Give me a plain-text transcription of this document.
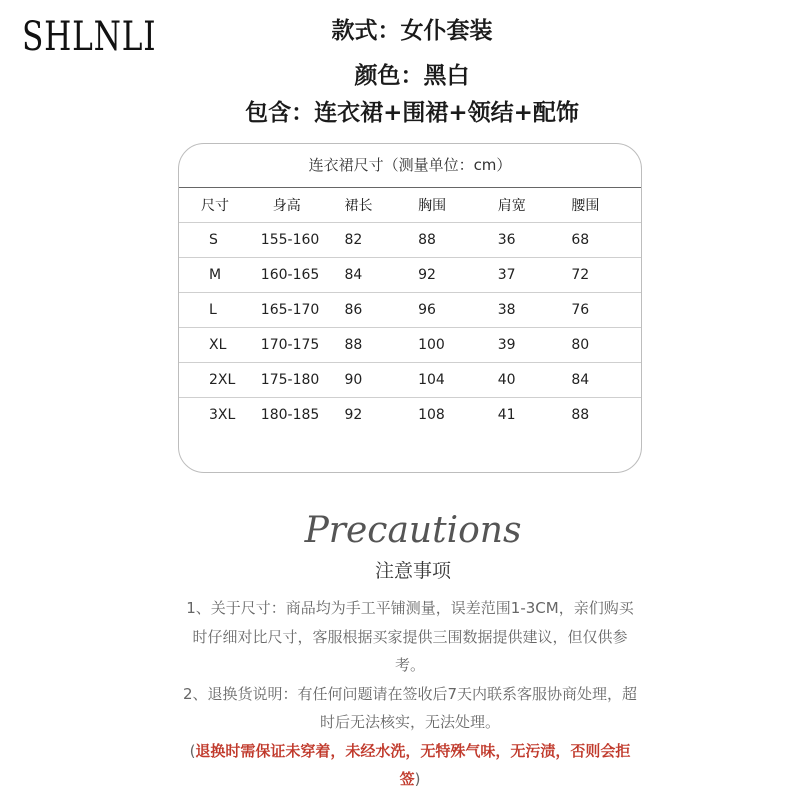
SHLNLI	款式：女仆套装
颜色：黑白
包含：连衣裙+围裙+领结+配饰
连衣裙尺寸（测量单位：cm）
尺寸	身高	裙长	胸围	肩宽	腰围
S	155-160	82	88	36	68
M	160-165	84	92	37	72
L	165-170	86	96	38	76
XL	170-175	88	100	39	80
2XL	175-180	90	104	40	84
3XL	180-185	92	108	41	88
Precautions
注意事项

1、关于尺寸：商品均为手工平铺测量，误差范围1-3CM，亲们购买时仔细对比尺寸，客服根据买家提供三围数据提供建议，但仅供参考。

2、退换货说明：有任何问题请在签收后7天内联系客服协商处理，超时后无法核实，无法处理。

(退换时需保证未穿着，未经水洗，无特殊气味，无污渍，否则会拒签)
